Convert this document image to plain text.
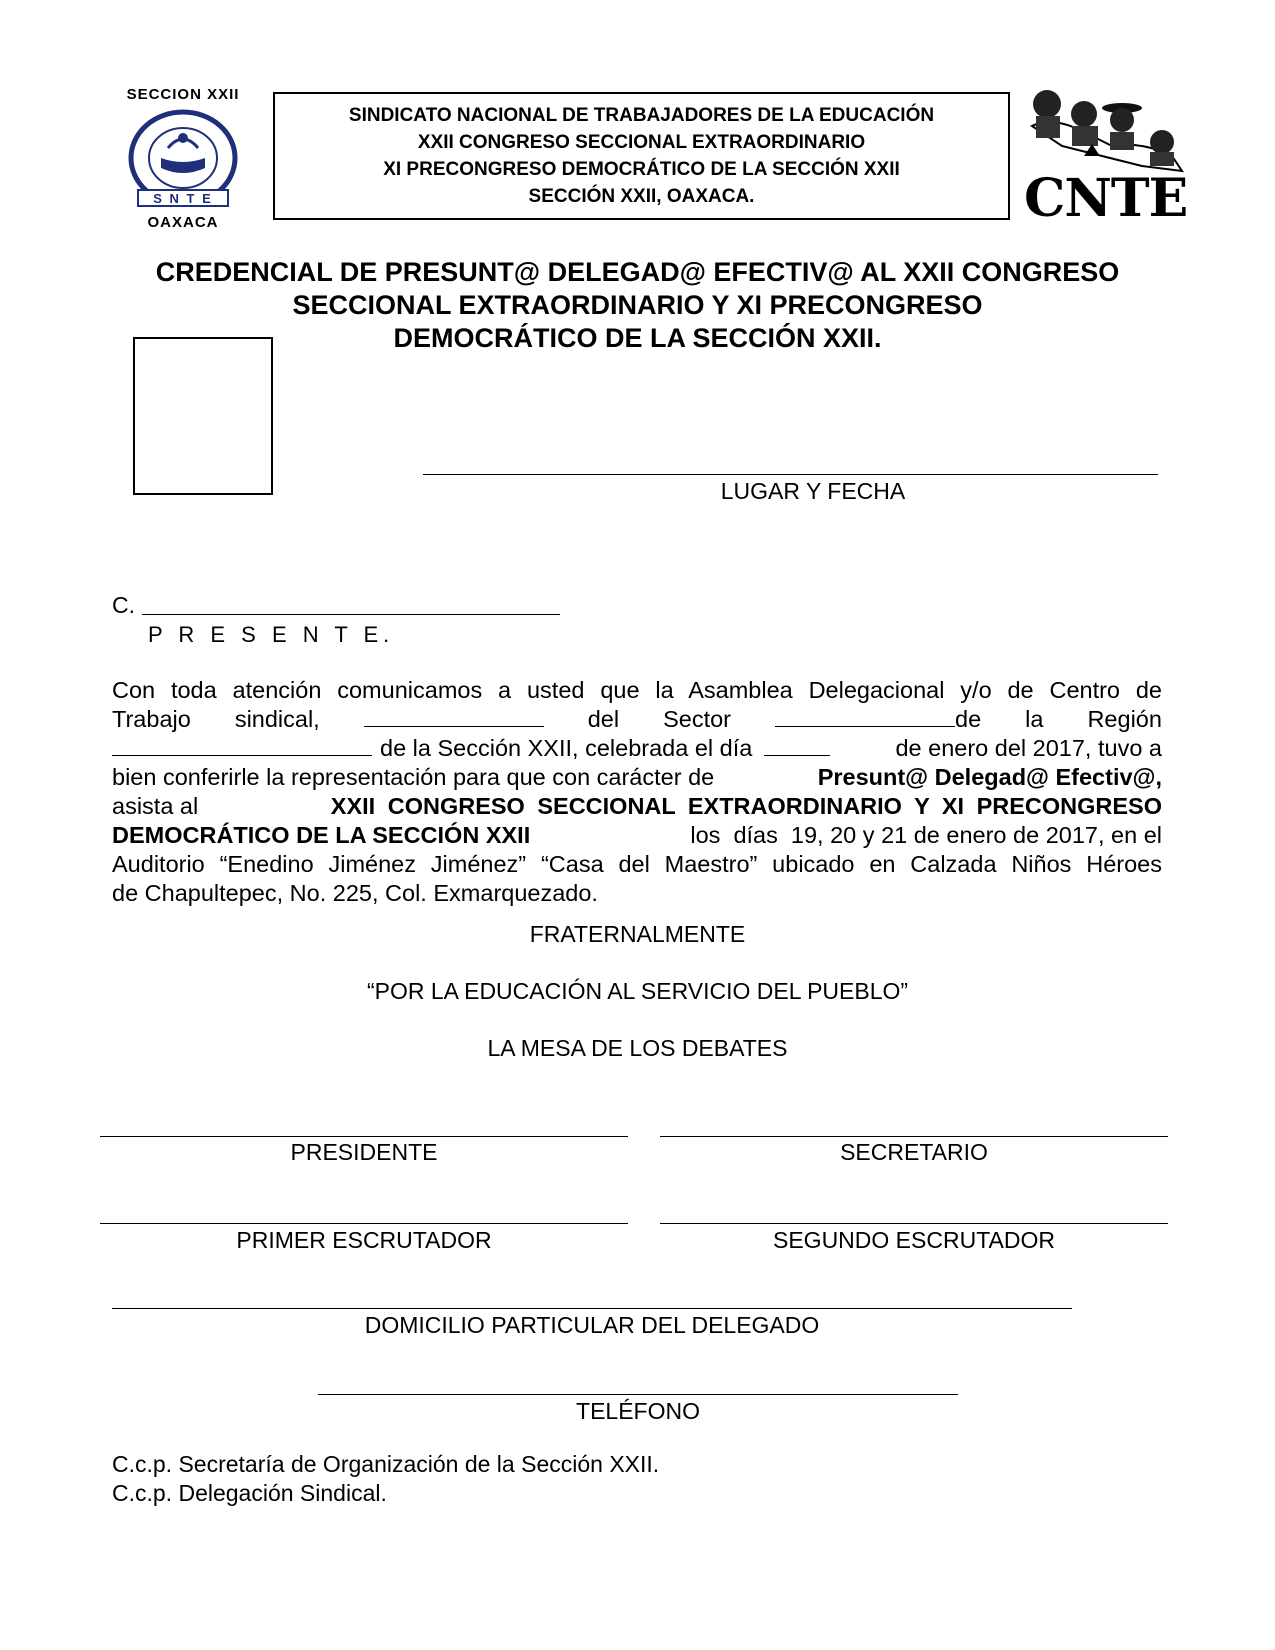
SECCION XXII
S N T E
OAXACA
SINDICATO NACIONAL DE TRABAJADORES DE LA EDUCACIÓN
XXII CONGRESO SECCIONAL EXTRAORDINARIO
XI PRECONGRESO DEMOCRÁTICO DE LA SECCIÓN XXII
SECCIÓN XXII, OAXACA.	CNTE
CREDENCIAL DE PRESUNT@ DELEGAD@ EFECTIV@ AL XXII CONGRESO
SECCIONAL EXTRAORDINARIO Y XI PRECONGRESO
DEMOCRÁTICO DE LA SECCIÓN XXII.
LUGAR Y FECHA
C.
P R E S E N T E.
Con toda atención comunicamos a usted que la Asamblea Delegacional y/o de Centro de
Trabajo sindical,	del Sector	de la Región
de la Sección XXII, celebrada el día	de enero del 2017, tuvo a
bien conferirle la representación para que con carácter de	Presunt@ Delegad@ Efectiv@,
asista al	XXII CONGRESO SECCIONAL EXTRAORDINARIO Y XI PRECONGRESO
DEMOCRÁTICO DE LA SECCIÓN XXII	los  días  19, 20 y 21 de enero de 2017, en el
Auditorio “Enedino Jiménez Jiménez” “Casa del Maestro” ubicado en Calzada Niños Héroes
de Chapultepec, No. 225, Col. Exmarquezado.
FRATERNALMENTE
“POR LA EDUCACIÓN AL SERVICIO DEL PUEBLO”
LA MESA DE LOS DEBATES
PRESIDENTE	SECRETARIO
PRIMER ESCRUTADOR	SEGUNDO ESCRUTADOR
DOMICILIO PARTICULAR DEL DELEGADO
TELÉFONO
C.c.p. Secretaría de Organización de la Sección XXII.
C.c.p. Delegación Sindical.
